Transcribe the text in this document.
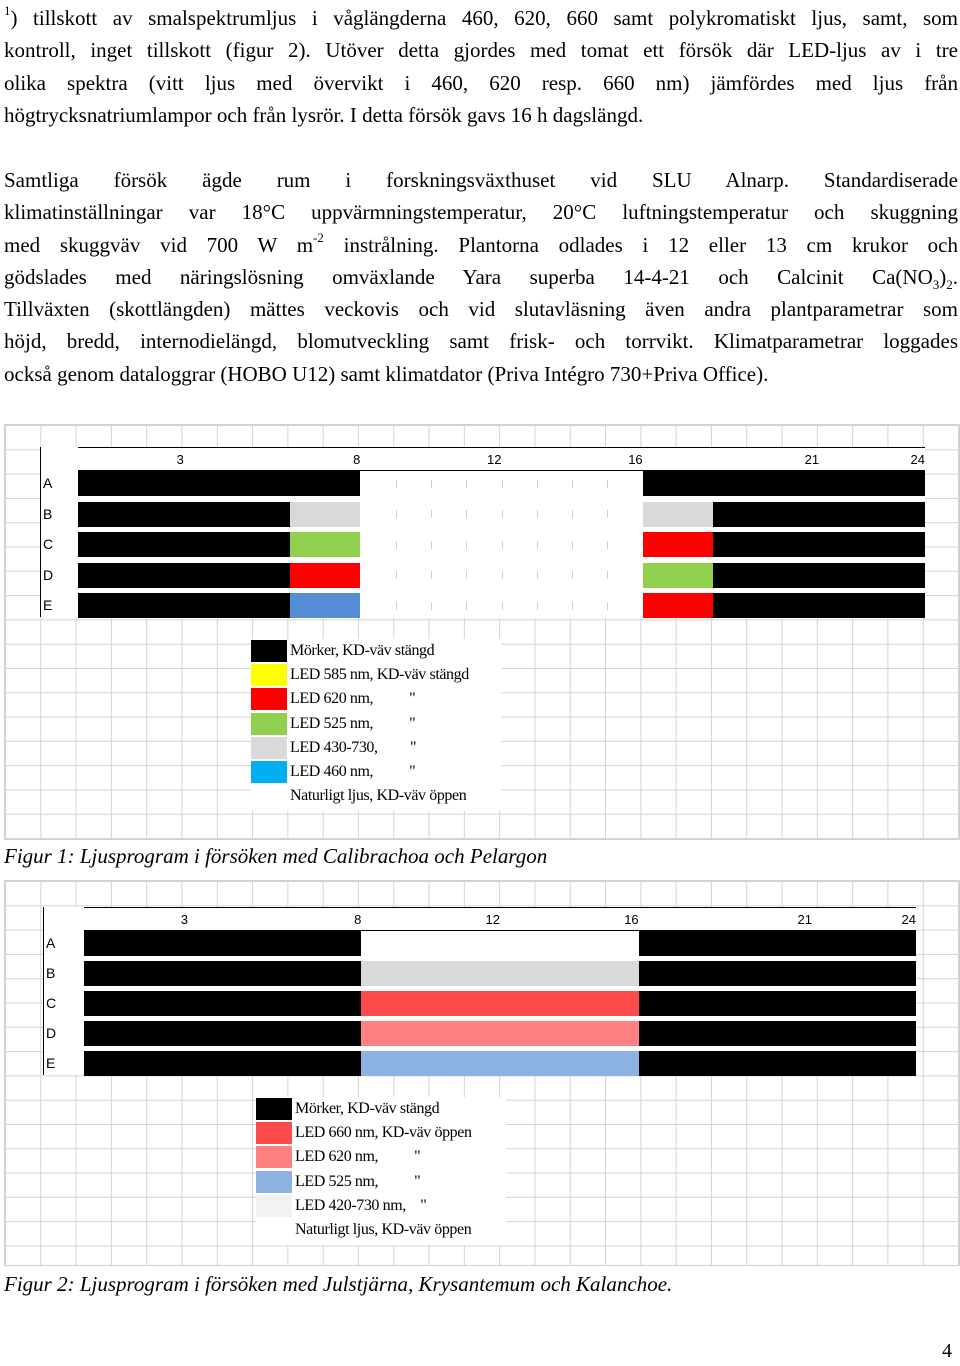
$^1$) tillskott av smalspektrumljus i våglängderna 460, 620, 660 samt polykromatiskt ljus, samt, som
kontroll, inget tillskott (figur 2). Utöver detta gjordes med tomat ett försök där LED-ljus av i tre
olika spektra (vitt ljus med övervikt i 460, 620 resp. 660 nm) jämfördes med ljus från
högtrycksnatriumlampor och från lysrör. I detta försök gavs 16 h dagslängd.
Samtliga försök ägde rum i forskningsväxthuset vid SLU Alnarp. Standardiserade
klimatinställningar var 18°C uppvärmningstemperatur, 20°C luftningstemperatur och skuggning
med skuggväv vid 700 W $m^{-2}$ instrålning. Plantorna odlades i 12 eller 13 cm krukor och
gödslades med näringslösning omväxlande Yara superba 14-4-21 och Calcinit $Ca(NO_3)_2$.
Tillväxten (skottlängden) mättes veckovis och vid slutavläsning även andra plantparametrar som
höjd, bredd, internodielängd, blomutveckling samt frisk- och torrvikt. Klimatparametrar loggades
också genom dataloggrar (HOBO U12) samt klimatdator (Priva Intégro 730+Priva Office).
3	8	12	16	21	24
A
B
C
D
E
Mörker, KD-väv stängd
LED 585 nm, KD-väv stängd
LED 620 nm,          "
LED 525 nm,          "
LED 430-730,         "
LED 460 nm,          "
Naturligt ljus, KD-väv öppen
Figur 1: Ljusprogram i försöken med Calibrachoa och Pelargon
3	8	12	16	21	24
A
B
C
D
E
Mörker, KD-väv stängd
LED 660 nm, KD-väv öppen
LED 620 nm,          "
LED 525 nm,          "
LED 420-730 nm,    "
Naturligt ljus, KD-väv öppen
Figur 2: Ljusprogram i försöken med Julstjärna, Krysantemum och Kalanchoe.
4
